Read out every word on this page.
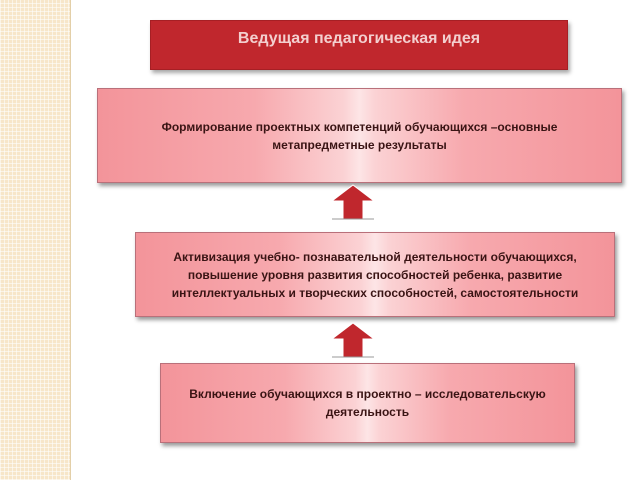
Ведущая педагогическая идея
Формирование проектных компетенций обучающихся –основные метапредметные результаты
Активизация учебно- познавательной деятельности обучающихся, повышение уровня развития способностей ребенка, развитие интеллектуальных и творческих способностей, самостоятельности
Включение обучающихся в проектно – исследовательскую деятельность
